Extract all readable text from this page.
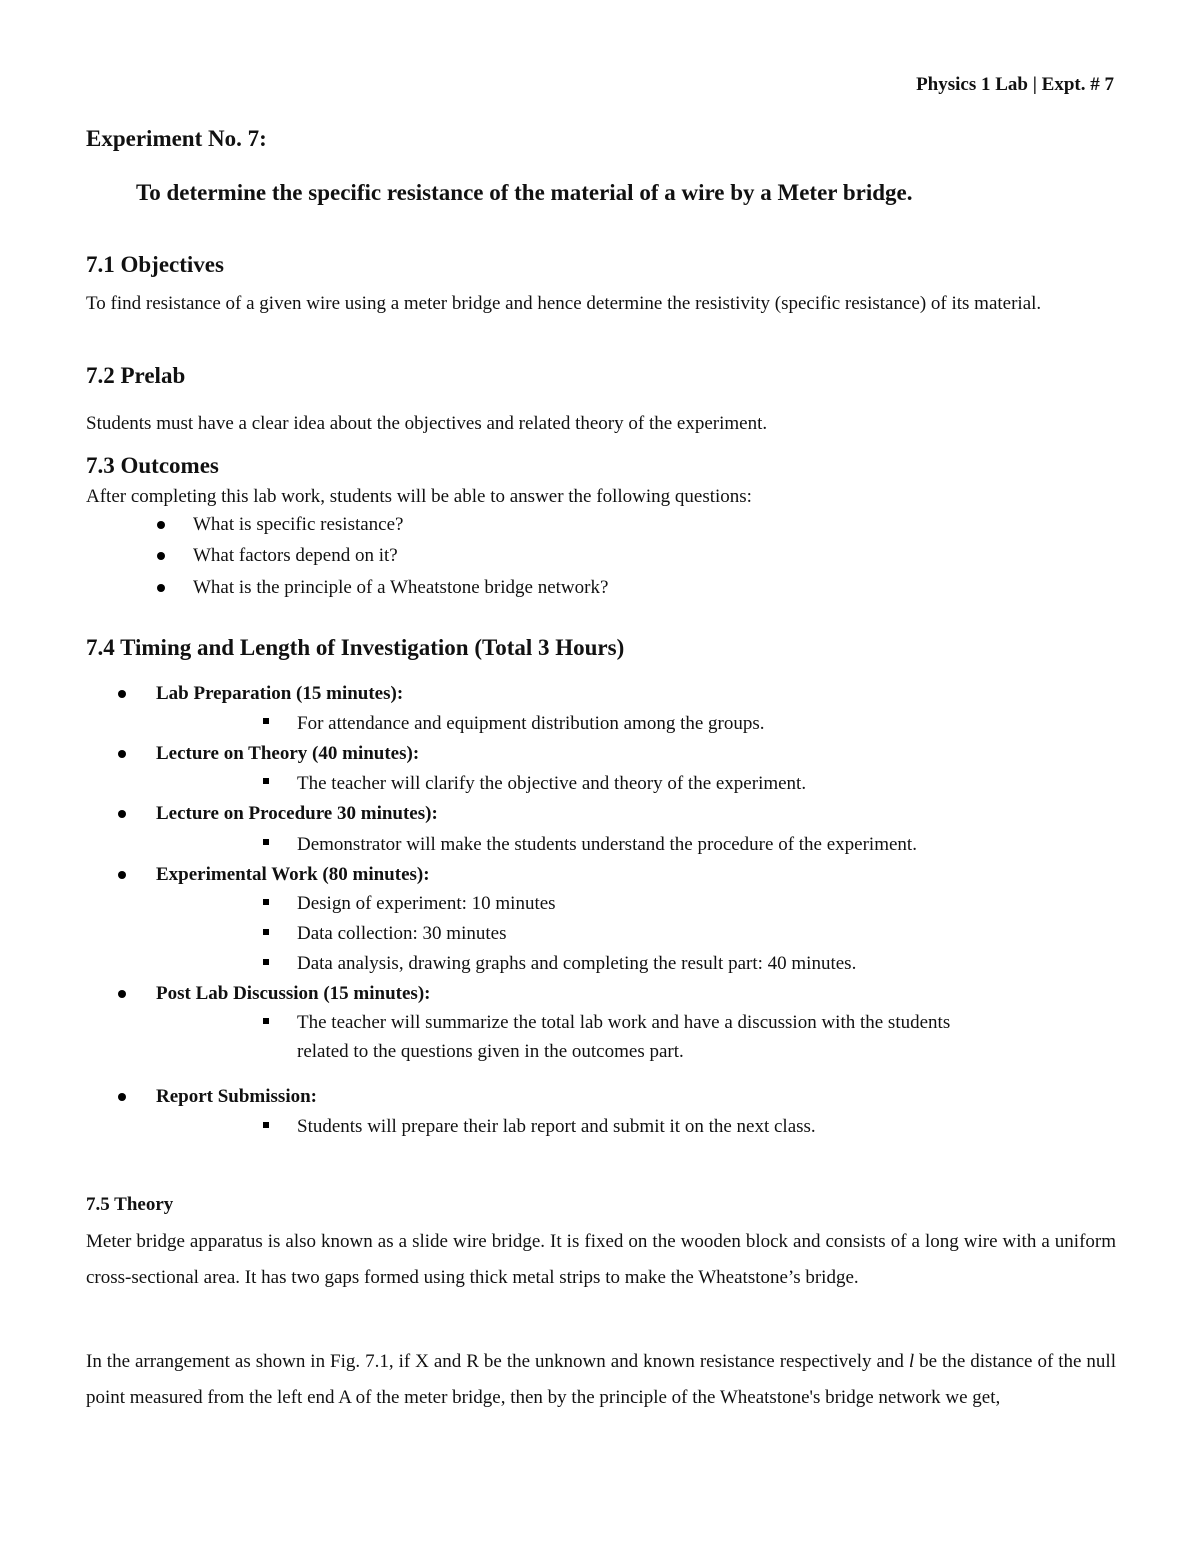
Physics 1 Lab | Expt. # 7
Experiment No. 7:
To determine the specific resistance of the material of a wire by a Meter bridge.
7.1 Objectives
To find resistance of a given wire using a meter bridge and hence determine the resistivity (specific resistance) of its material.
7.2 Prelab
Students must have a clear idea about the objectives and related theory of the experiment.
7.3 Outcomes
After completing this lab work, students will be able to answer the following questions:
What is specific resistance?
What factors depend on it?
What is the principle of a Wheatstone bridge network?
7.4 Timing and Length of Investigation (Total 3 Hours)
Lab Preparation (15 minutes):
For attendance and equipment distribution among the groups.
Lecture on Theory (40 minutes):
The teacher will clarify the objective and theory of the experiment.
Lecture on Procedure 30 minutes):
Demonstrator will make the students understand the procedure of the experiment.
Experimental Work (80 minutes):
Design of experiment: 10 minutes
Data collection: 30 minutes
Data analysis, drawing graphs and completing the result part: 40 minutes.
Post Lab Discussion (15 minutes):
The teacher will summarize the total lab work and have a discussion with the students
related to the questions given in the outcomes part.
Report Submission:
Students will prepare their lab report and submit it on the next class.
7.5 Theory
Meter bridge apparatus is also known as a slide wire bridge. It is fixed on the wooden block and consists of a long wire with a uniform cross-sectional area. It has two gaps formed using thick metal strips to make the Wheatstone’s bridge.
In the arrangement as shown in Fig. 7.1, if X and R be the unknown and known resistance respectively and l be the distance of the null point measured from the left end A of the meter bridge, then by the principle of the Wheatstone's bridge network we get,
